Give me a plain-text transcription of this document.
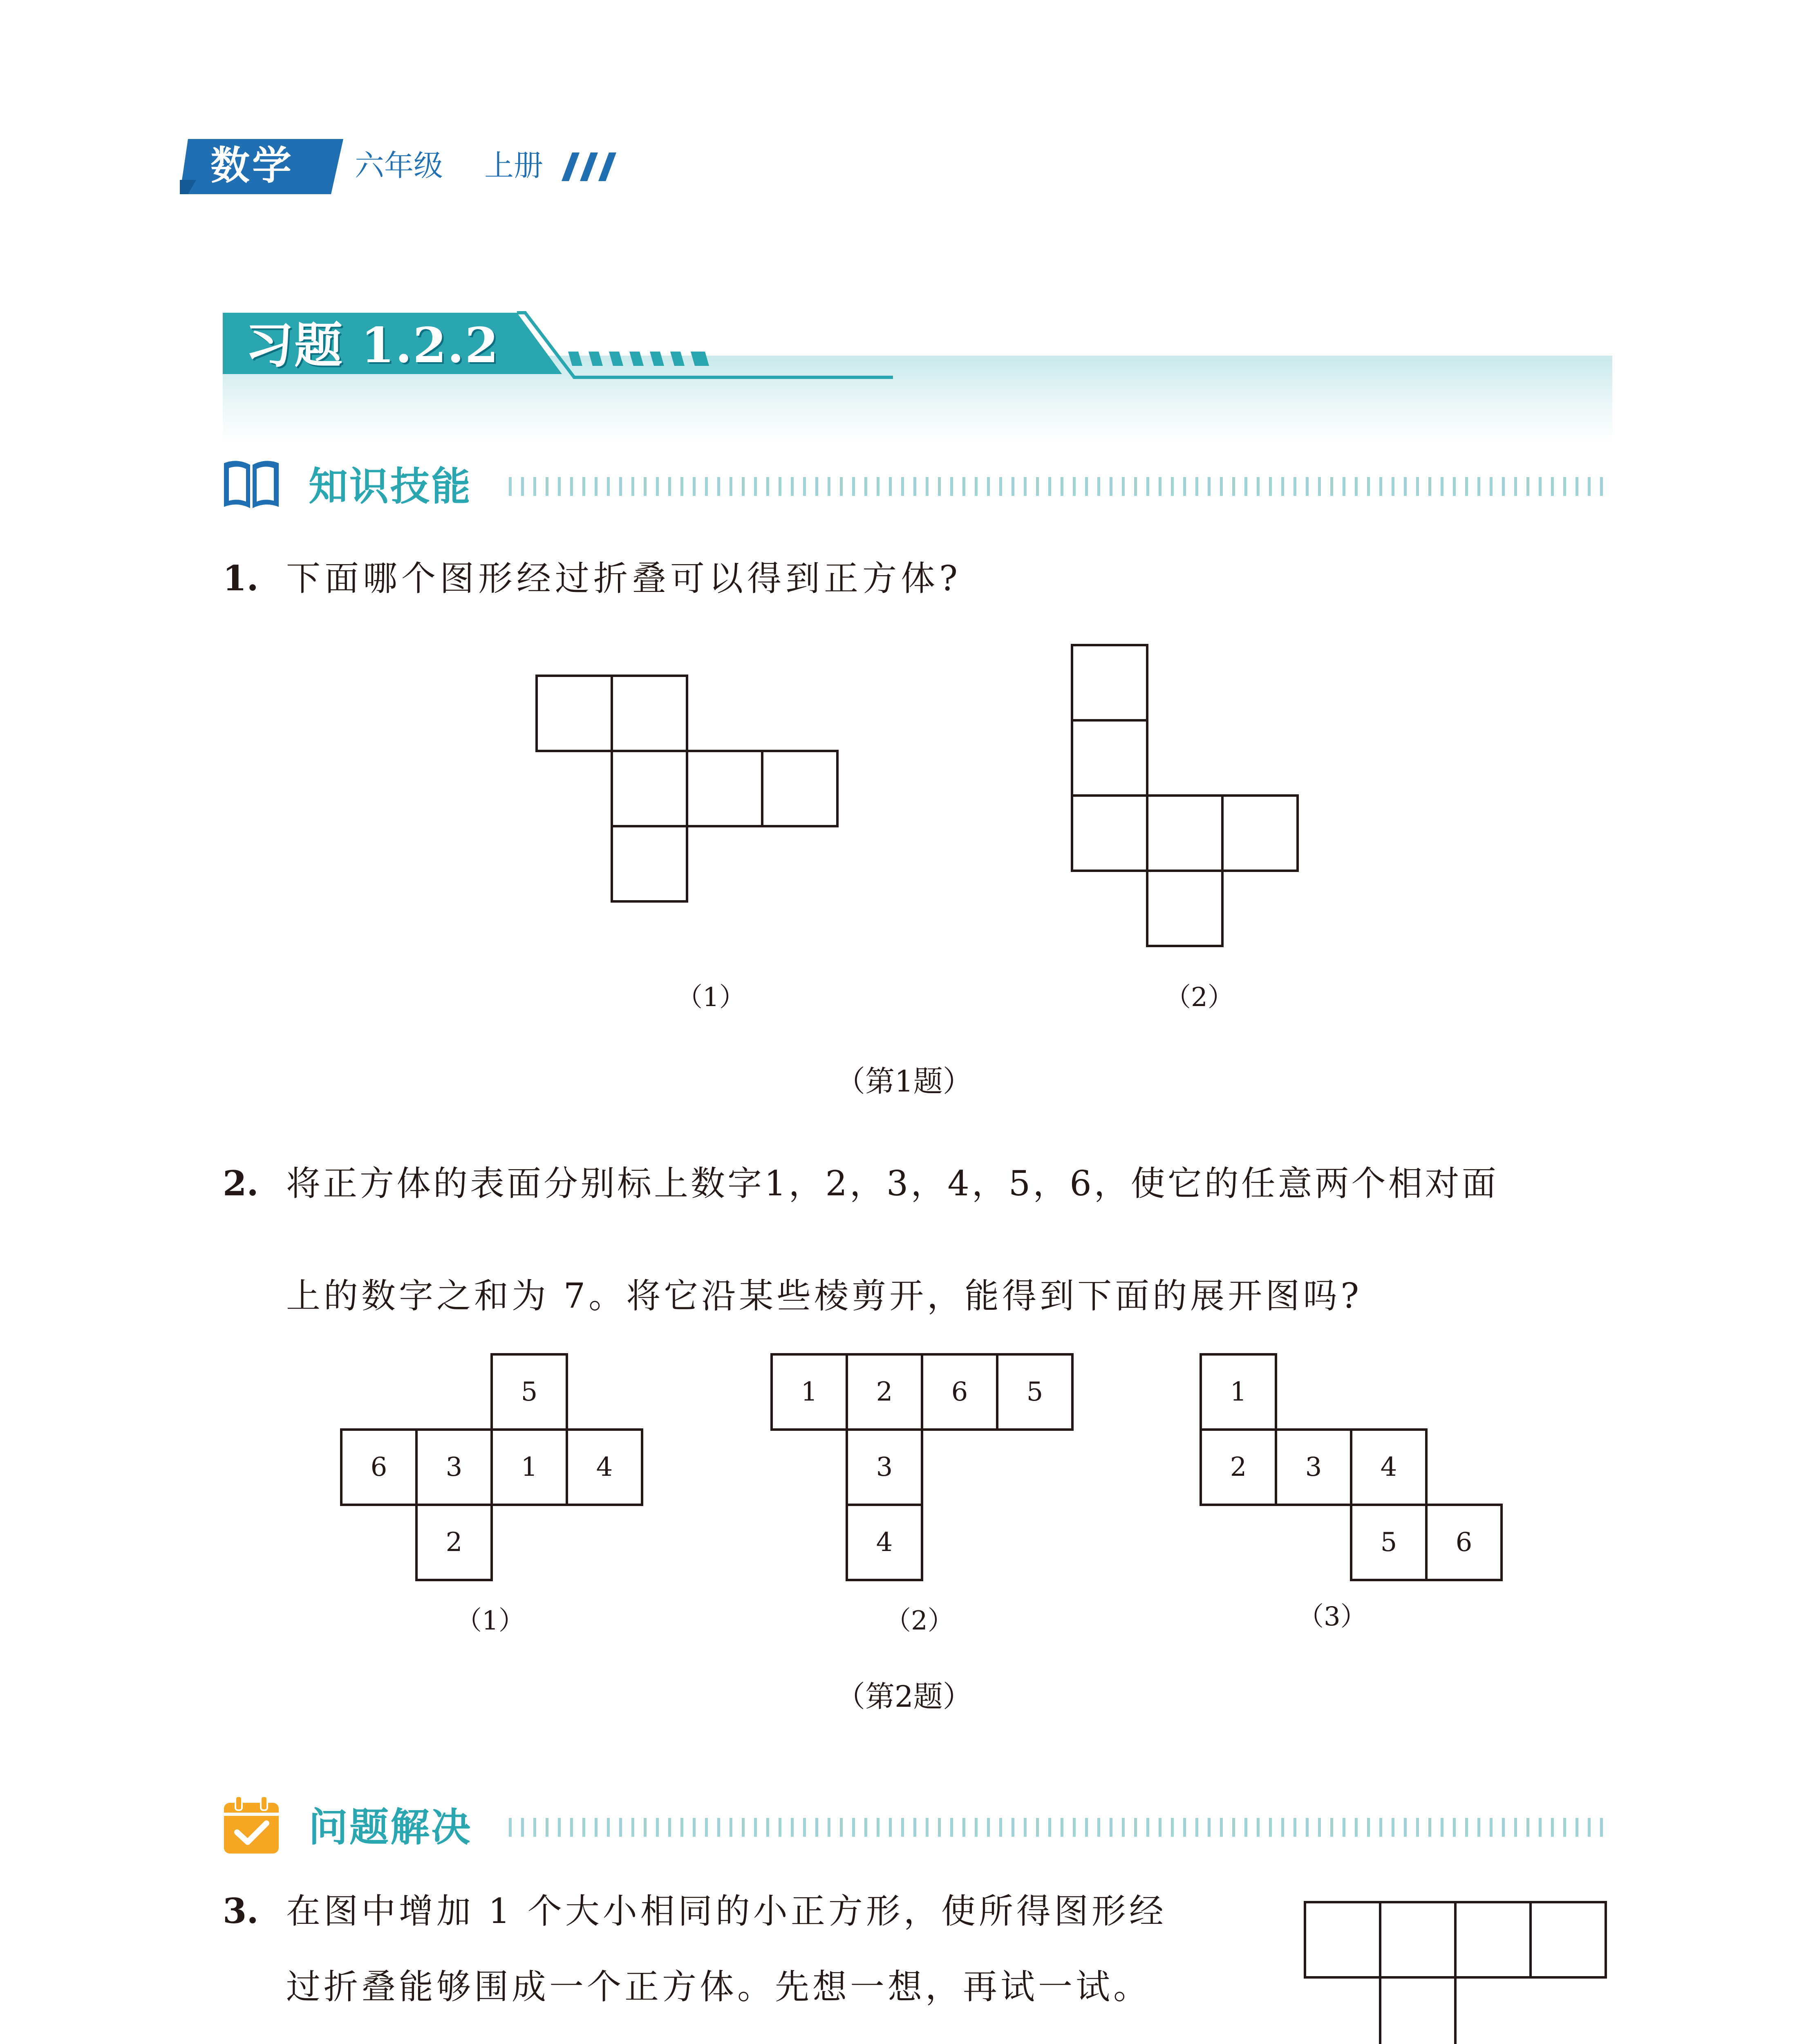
数学	六年级 上册
习题 1.2.2
知识技能
1. 下面哪个图形经过折叠可以得到正方体?
（1）	（2）
（第1题）
2. 将正方体的表面分别标上数字1，2，3，4，5，6，使它的任意两个相对面
上的数字之和为 7。将它沿某些棱剪开，能得到下面的展开图吗?
5
6	3	1	4
2
（1）
1	2	6	5
3
4
（2）
1
2	3	4
5	6
（3）
（第2题）
问题解决
3. 在图中增加 1 个大小相同的小正方形，使所得图形经
过折叠能够围成一个正方体。先想一想，再试一试。
